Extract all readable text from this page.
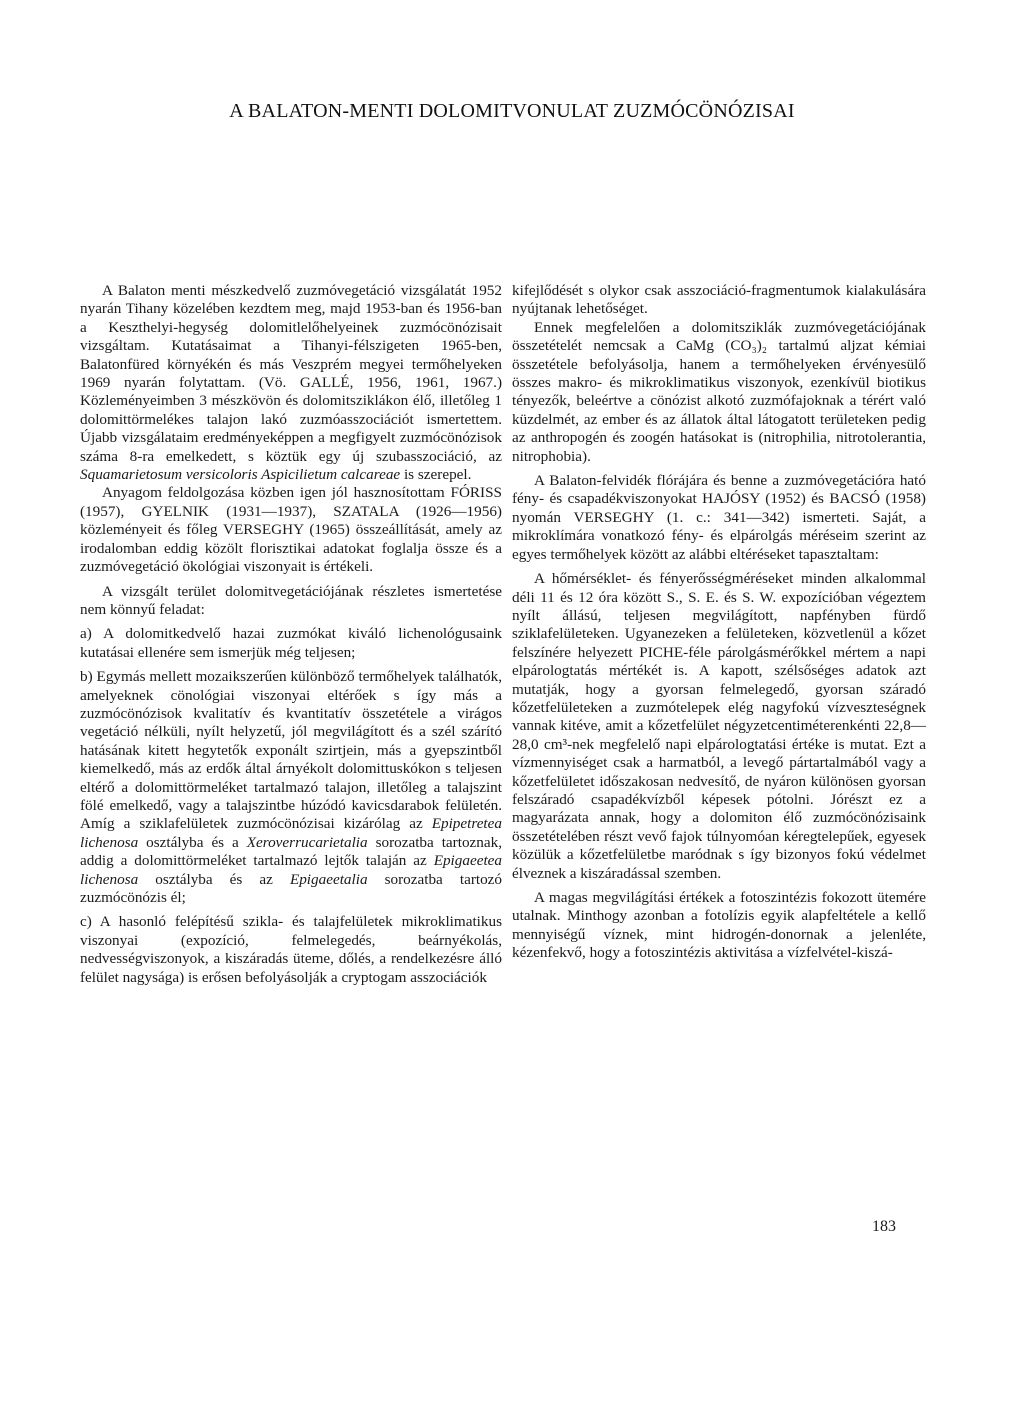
A BALATON-MENTI DOLOMITVONULAT ZUZMÓCÖNÓZISAI

A Balaton menti mészkedvelő zuzmóvegetáció vizsgálatát 1952 nyarán Tihany közelében kezdtem meg, majd 1953-ban és 1956-ban a Keszthelyi-hegység dolomitlelőhelyeinek zuzmócönózisait vizsgáltam. Kutatásaimat a Tihanyi-félszigeten 1965-ben, Balatonfüred környékén és más Veszprém megyei termőhelyeken 1969 nyarán folytattam. (Vö. GALLÉ, 1956, 1961, 1967.) Közleményeimben 3 mészkövön és dolomitsziklákon élő, illetőleg 1 dolomittörmelékes talajon lakó zuzmóasszociációt ismertettem. Újabb vizsgálataim eredményeképpen a megfigyelt zuzmócönózisok száma 8-ra emelkedett, s köztük egy új szubasszociáció, az Squamarietosum versicoloris Aspicilietum calcareae is szerepel.

Anyagom feldolgozása közben igen jól hasznosítottam FÓRISS (1957), GYELNIK (1931—1937), SZATALA (1926—1956) közleményeit és főleg VERSEGHY (1965) összeállítását, amely az irodalomban eddig közölt florisztikai adatokat foglalja össze és a zuzmóvegetáció ökológiai viszonyait is értékeli.

A vizsgált terület dolomitvegetációjának részletes ismertetése nem könnyű feladat:

a) A dolomitkedvelő hazai zuzmókat kiváló lichenológusaink kutatásai ellenére sem ismerjük még teljesen;

b) Egymás mellett mozaikszerűen különböző termőhelyek találhatók, amelyeknek cönológiai viszonyai eltérőek s így más a zuzmócönózisok kvalitatív és kvantitatív összetétele a virágos vegetáció nélküli, nyílt helyzetű, jól megvilágított és a szél szárító hatásának kitett hegytetők exponált szirtjein, más a gyepszintből kiemelkedő, más az erdők által árnyékolt dolomittuskókon s teljesen eltérő a dolomittörmeléket tartalmazó talajon, illetőleg a talajszint fölé emelkedő, vagy a talajszintbe húzódó kavicsdarabok felületén. Amíg a sziklafelületek zuzmócönózisai kizárólag az Epipetretea lichenosa osztályba és a Xeroverrucarietalia sorozatba tartoznak, addig a dolomittörmeléket tartalmazó lejtők talaján az Epigaeetea lichenosa osztályba és az Epigaeetalia sorozatba tartozó zuzmócönózis él;

c) A hasonló felépítésű szikla- és talajfelületek mikroklimatikus viszonyai (expozíció, felmelegedés, beárnyékolás, nedvességviszonyok, a kiszáradás üteme, dőlés, a rendelkezésre álló felület nagysága) is erősen befolyásolják a cryptogam asszociációk

kifejlődését s olykor csak asszociáció-fragmentumok kialakulására nyújtanak lehetőséget.

Ennek megfelelően a dolomitsziklák zuzmóvegetációjának összetételét nemcsak a CaMg (CO₃)₂ tartalmú aljzat kémiai összetétele befolyásolja, hanem a termőhelyeken érvényesülő összes makro- és mikroklimatikus viszonyok, ezenkívül biotikus tényezők, beleértve a cönózist alkotó zuzmófajoknak a térért való küzdelmét, az ember és az állatok által látogatott területeken pedig az anthropogén és zoogén hatásokat is (nitrophilia, nitrotolerantia, nitrophobia).

A Balaton-felvidék flórájára és benne a zuzmóvegetációra ható fény- és csapadékviszonyokat HAJÓSY (1952) és BACSÓ (1958) nyomán VERSEGHY (1. c.: 341—342) ismerteti. Saját, a mikroklímára vonatkozó fény- és elpárolgás méréseim szerint az egyes termőhelyek között az alábbi eltéréseket tapasztaltam:

A hőmérséklet- és fényerősségméréseket minden alkalommal déli 11 és 12 óra között S., S. E. és S. W. expozícióban végeztem nyílt állású, teljesen megvilágított, napfényben fürdő sziklafelületeken. Ugyanezeken a felületeken, közvetlenül a kőzet felszínére helyezett PICHE-féle párolgásmérőkkel mértem a napi elpárologtatás mértékét is. A kapott, szélsőséges adatok azt mutatják, hogy a gyorsan felmelegedő, gyorsan száradó kőzetfelületeken a zuzmótelepek elég nagyfokú vízveszteségnek vannak kitéve, amit a kőzetfelület négyzetcentiméterenkénti 22,8—28,0 cm³-nek megfelelő napi elpárologtatási értéke is mutat. Ezt a vízmennyiséget csak a harmatból, a levegő pártartalmából vagy a kőzetfelületet időszakosan nedvesítő, de nyáron különösen gyorsan felszáradó csapadékvízből képesek pótolni. Jórészt ez a magyarázata annak, hogy a dolomiton élő zuzmócönózisaink összetételében részt vevő fajok túlnyomóan kéregtelepűek, egyesek közülük a kőzetfelületbe maródnak s így bizonyos fokú védelmet élveznek a kiszáradással szemben.

A magas megvilágítási értékek a fotoszintézis fokozott ütemére utalnak. Minthogy azonban a fotolízis egyik alapfeltétele a kellő mennyiségű víznek, mint hidrogén-donornak a jelenléte, kézenfekvő, hogy a fotoszintézis aktivitása a vízfelvétel-kiszá-

183
